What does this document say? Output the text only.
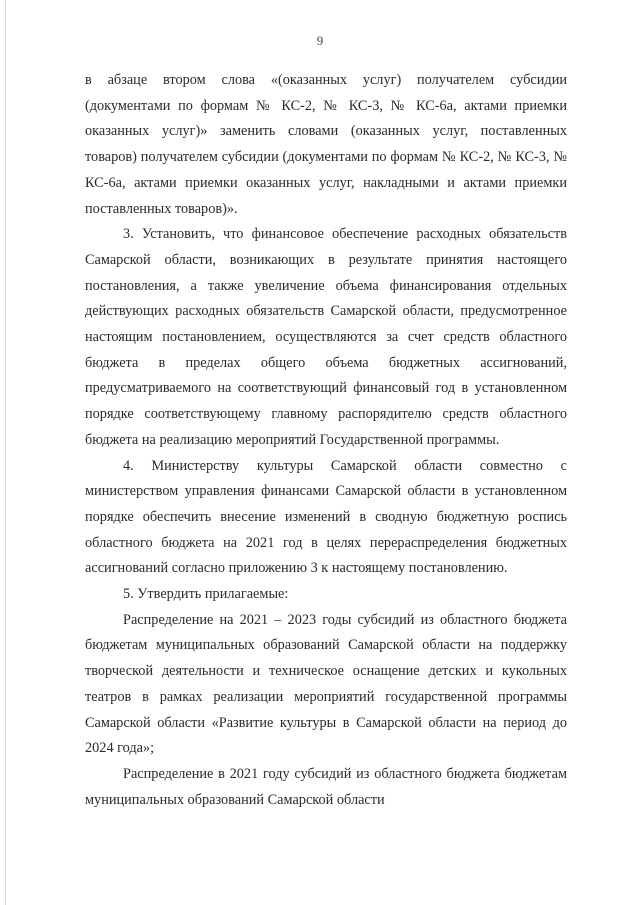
9

в абзаце втором слова «(оказанных услуг) получателем субсидии (документами по формам № КС-2, № КС-3, № КС-6а, актами приемки оказанных услуг)» заменить словами (оказанных услуг, поставленных товаров) получателем субсидии (документами по формам № КС-2, № КС-3, № КС-6а, актами приемки оказанных услуг, накладными и актами приемки поставленных товаров)».

3. Установить, что финансовое обеспечение расходных обязательств Самарской области, возникающих в результате принятия настоящего постановления, а также увеличение объема финансирования отдельных действующих расходных обязательств Самарской области, предусмотренное настоящим постановлением, осуществляются за счет средств областного бюджета в пределах общего объема бюджетных ассигнований, предусматриваемого на соответствующий финансовый год в установленном порядке соответствующему главному распорядителю средств областного бюджета на реализацию мероприятий Государственной программы.

4. Министерству культуры Самарской области совместно с министерством управления финансами Самарской области в установленном порядке обеспечить внесение изменений в сводную бюджетную роспись областного бюджета на 2021 год в целях перераспределения бюджетных ассигнований согласно приложению 3 к настоящему постановлению.

5. Утвердить прилагаемые:

Распределение на 2021 – 2023 годы субсидий из областного бюджета бюджетам муниципальных образований Самарской области на поддержку творческой деятельности и техническое оснащение детских и кукольных театров в рамках реализации мероприятий государственной программы Самарской области «Развитие культуры в Самарской области на период до 2024 года»;

Распределение в 2021 году субсидий из областного бюджета бюджетам муниципальных образований Самарской области
